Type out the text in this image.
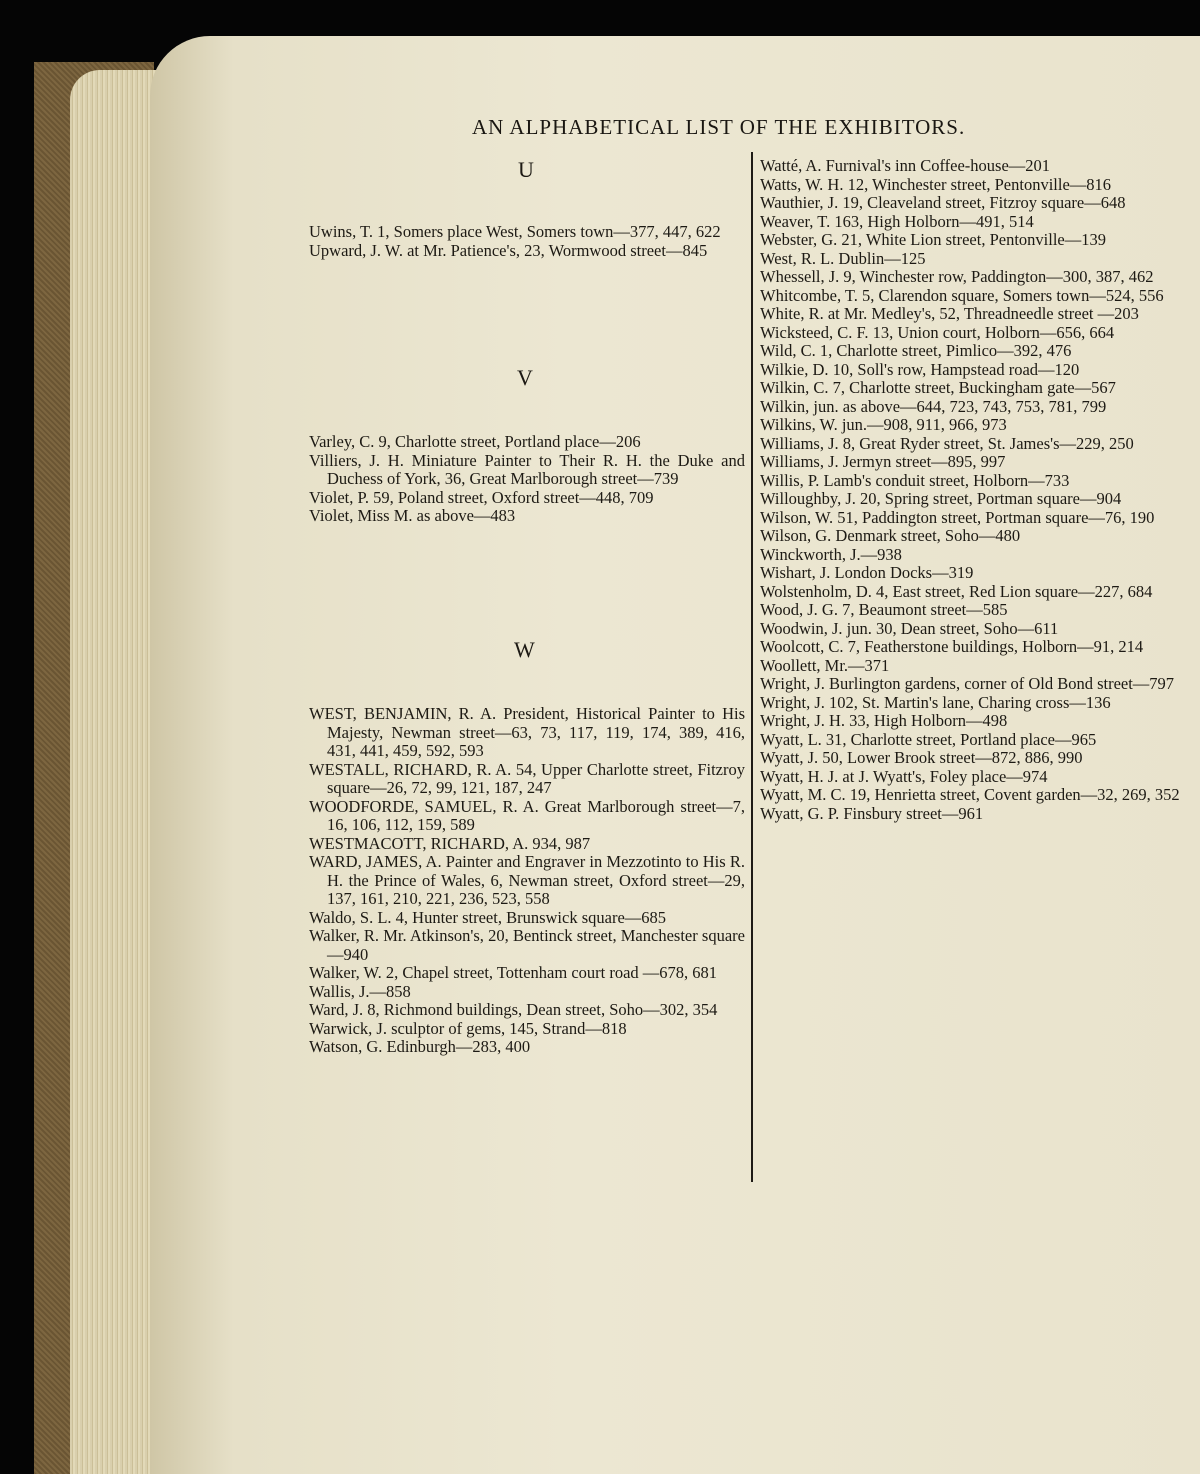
AN ALPHABETICAL LIST OF THE EXHIBITORS.
U
Uwins, T. 1, Somers place West, Somers town—377, 447, 622
Upward, J. W. at Mr. Patience's, 23, Wormwood street—845
V
Varley, C. 9, Charlotte street, Portland place—206
Villiers, J. H. Miniature Painter to Their R. H. the Duke and Duchess of York, 36, Great Marlborough street—739
Violet, P. 59, Poland street, Oxford street—448, 709
Violet, Miss M. as above—483
W
WEST, BENJAMIN, R. A. President, Historical Painter to His Majesty, Newman street—63, 73, 117, 119, 174, 389, 416, 431, 441, 459, 592, 593
WESTALL, RICHARD, R. A. 54, Upper Charlotte street, Fitzroy square—26, 72, 99, 121, 187, 247
WOODFORDE, SAMUEL, R. A. Great Marlborough street—7, 16, 106, 112, 159, 589
WESTMACOTT, RICHARD, A. 934, 987
WARD, JAMES, A. Painter and Engraver in Mezzotinto to His R. H. the Prince of Wales, 6, Newman street, Oxford street—29, 137, 161, 210, 221, 236, 523, 558
Waldo, S. L. 4, Hunter street, Brunswick square—685
Walker, R. Mr. Atkinson's, 20, Bentinck street, Manchester square—940
Walker, W. 2, Chapel street, Tottenham court road —678, 681
Wallis, J.—858
Ward, J. 8, Richmond buildings, Dean street, Soho—302, 354
Warwick, J. sculptor of gems, 145, Strand—818
Watson, G. Edinburgh—283, 400
Watté, A. Furnival's inn Coffee-house—201
Watts, W. H. 12, Winchester street, Pentonville—816
Wauthier, J. 19, Cleaveland street, Fitzroy square—648
Weaver, T. 163, High Holborn—491, 514
Webster, G. 21, White Lion street, Pentonville—139
West, R. L. Dublin—125
Whessell, J. 9, Winchester row, Paddington—300, 387, 462
Whitcombe, T. 5, Clarendon square, Somers town—524, 556
White, R. at Mr. Medley's, 52, Threadneedle street —203
Wicksteed, C. F. 13, Union court, Holborn—656, 664
Wild, C. 1, Charlotte street, Pimlico—392, 476
Wilkie, D. 10, Soll's row, Hampstead road—120
Wilkin, C. 7, Charlotte street, Buckingham gate—567
Wilkin, jun. as above—644, 723, 743, 753, 781, 799
Wilkins, W. jun.—908, 911, 966, 973
Williams, J. 8, Great Ryder street, St. James's—229, 250
Williams, J. Jermyn street—895, 997
Willis, P. Lamb's conduit street, Holborn—733
Willoughby, J. 20, Spring street, Portman square—904
Wilson, W. 51, Paddington street, Portman square—76, 190
Wilson, G. Denmark street, Soho—480
Winckworth, J.—938
Wishart, J. London Docks—319
Wolstenholm, D. 4, East street, Red Lion square—227, 684
Wood, J. G. 7, Beaumont street—585
Woodwin, J. jun. 30, Dean street, Soho—611
Woolcott, C. 7, Featherstone buildings, Holborn—91, 214
Woollett, Mr.—371
Wright, J. Burlington gardens, corner of Old Bond street—797
Wright, J. 102, St. Martin's lane, Charing cross—136
Wright, J. H. 33, High Holborn—498
Wyatt, L. 31, Charlotte street, Portland place—965
Wyatt, J. 50, Lower Brook street—872, 886, 990
Wyatt, H. J. at J. Wyatt's, Foley place—974
Wyatt, M. C. 19, Henrietta street, Covent garden—32, 269, 352
Wyatt, G. P. Finsbury street—961
